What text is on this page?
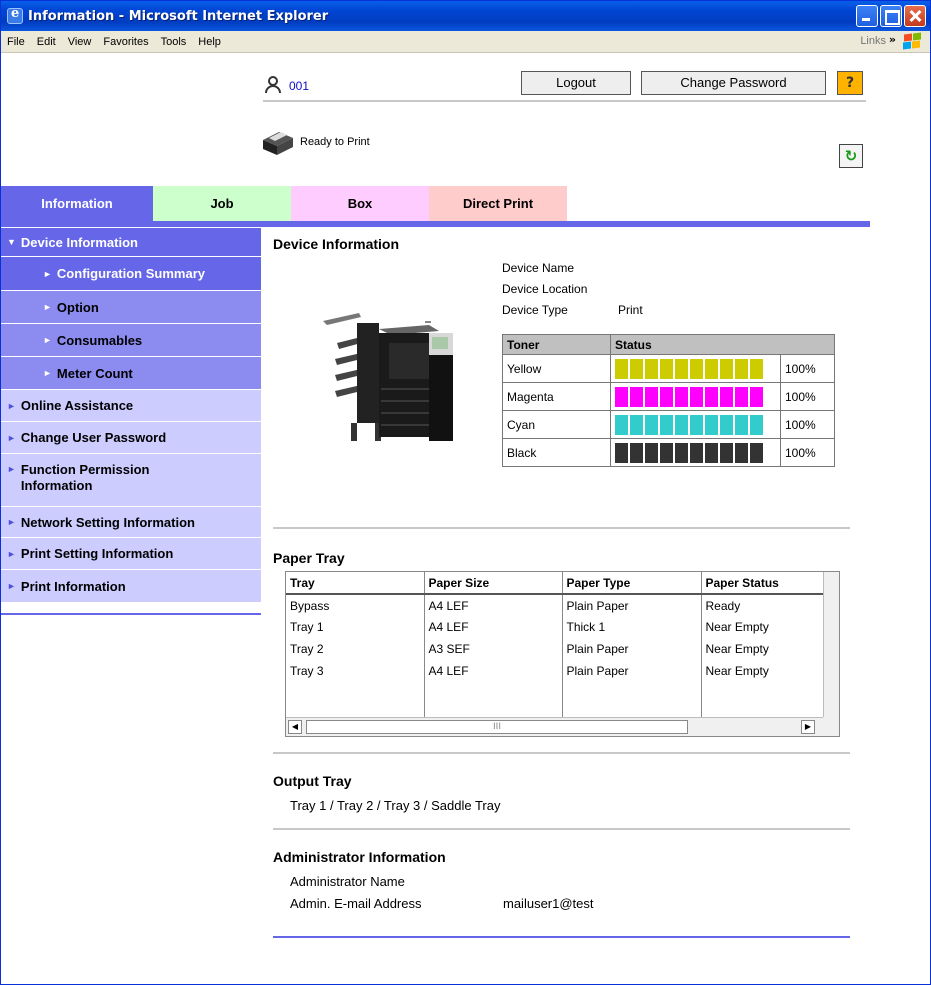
e
Information - Microsoft Internet Explorer
File	Edit	View	Favorites	Tools	Help	Links »
001	Logout	Change Password	?
Ready to Print
↻
Information	Job	Box	Direct Print
▼ Device Information
► Configuration Summary
► Option
► Consumables
► Meter Count
► Online Assistance
► Change User Password
► Function Permission Information
► Network Setting Information
► Print Setting Information
► Print Information
Device Information
Device Name
Device Location
Device Type	Print
Toner	Status	
Yellow		100%
Magenta		100%
Cyan		100%
Black		100%
Paper Tray
Tray	Paper Size	Paper Type	Paper Status
Bypass	A4 LEF	Plain Paper	Ready
Tray 1	A4 LEF	Thick 1	Near Empty
Tray 2	A3 SEF	Plain Paper	Near Empty
Tray 3	A4 LEF	Plain Paper	Near Empty

◀	III	▶
Output Tray
Tray 1 / Tray 2 / Tray 3 / Saddle Tray
Administrator Information
Administrator Name
Admin. E-mail Address	mailuser1@test
